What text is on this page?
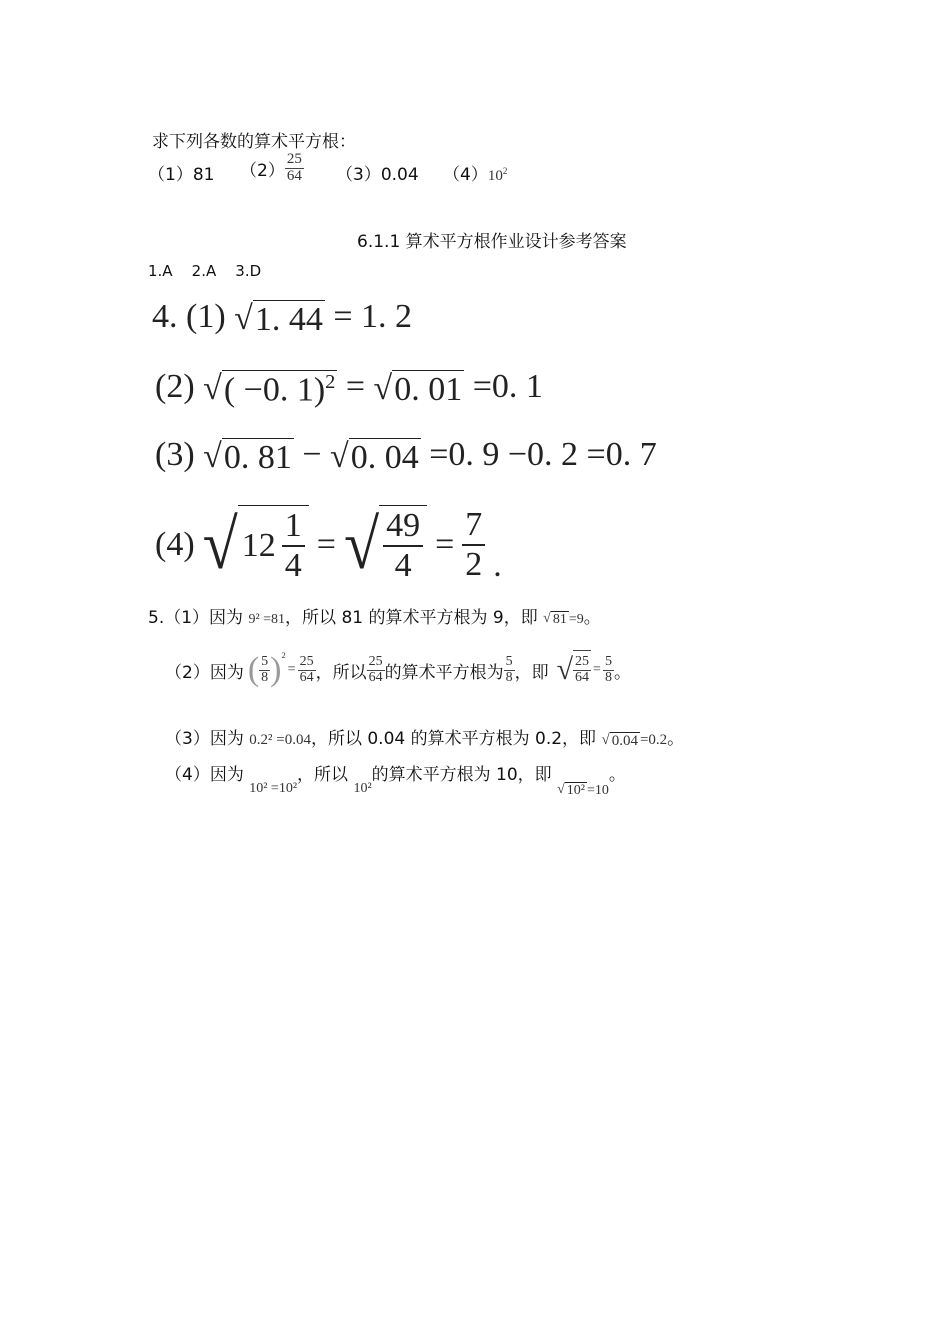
求下列各数的算术平方根：
（1）81 $(2) \frac{25}{64} (3)0.04$ $(4)10^2$
6.1.1 算术平方根作业设计参考答案
1.A    2.A    3.D
4. (1) √ 1. 44 = 1. 2
(2) √ ( −0. 1)$^2$ = √ 0. 01 =0. 1
(3) √ 0. 81 − √ 0. 04 =0. 9 −0. 2 =0. 7
(4) √ 12
1
4
= √ 49
4
= $\frac{7}{2}$ .
5.（1）因为 9² =81，所以 81 的算术平方根为 9，即 √ 81 =9。
（2）因为 ( $\frac{5}{8} )^2$
= $\frac{25}{64}$ ，所以 $\frac{25}{64}$ 的算术平方根为 $\frac{5}{8}$ ，即 √ $\frac{25}{64} = \frac{5}{8}$ 。
（3）因为 0.2² =0.04，所以 0.04 的算术平方根为 0.2，即 √ 0.04 =0.2。
（4）因为 $_{10^2 =10^2}$，所以 $_{10^2}$的算术平方根为 10，即
$_{√ 10^2 =10}$。
